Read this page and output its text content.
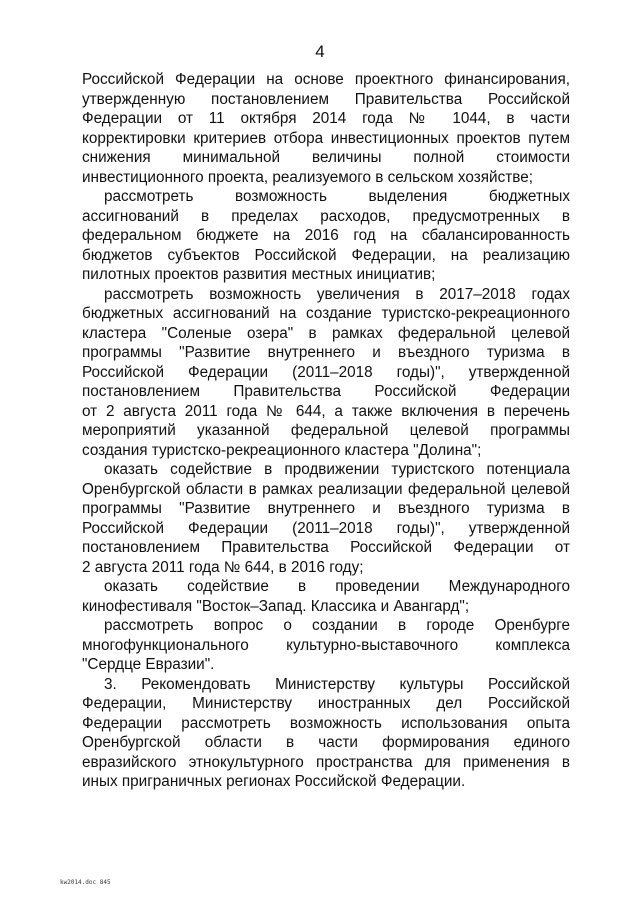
4
Российской Федерации на основе проектного финансирования,
утвержденную постановлением Правительства Российской
Федерации от 11 октября 2014 года № 1044, в части
корректировки критериев отбора инвестиционных проектов путем
снижения минимальной величины полной стоимости
инвестиционного проекта, реализуемого в сельском хозяйстве;
рассмотреть возможность выделения бюджетных
ассигнований в пределах расходов, предусмотренных в
федеральном бюджете на 2016 год на сбалансированность
бюджетов субъектов Российской Федерации, на реализацию
пилотных проектов развития местных инициатив;
рассмотреть возможность увеличения в 2017–2018 годах
бюджетных ассигнований на создание туристско-рекреационного
кластера "Соленые озера" в рамках федеральной целевой
программы "Развитие внутреннего и въездного туризма в
Российской Федерации (2011–2018 годы)", утвержденной
постановлением Правительства Российской Федерации
от 2 августа 2011 года № 644, а также включения в перечень
мероприятий указанной федеральной целевой программы
создания туристско-рекреационного кластера "Долина";
оказать содействие в продвижении туристского потенциала
Оренбургской области в рамках реализации федеральной целевой
программы "Развитие внутреннего и въездного туризма в
Российской Федерации (2011–2018 годы)", утвержденной
постановлением Правительства Российской Федерации от
2 августа 2011 года № 644, в 2016 году;
оказать содействие в проведении Международного
кинофестиваля "Восток–Запад. Классика и Авангард";
рассмотреть вопрос о создании в городе Оренбурге
многофункционального культурно-выставочного комплекса
"Сердце Евразии".
3. Рекомендовать Министерству культуры Российской
Федерации, Министерству иностранных дел Российской
Федерации рассмотреть возможность использования опыта
Оренбургской области в части формирования единого
евразийского этнокультурного пространства для применения в
иных приграничных регионах Российской Федерации.
kw2014.doc 845
